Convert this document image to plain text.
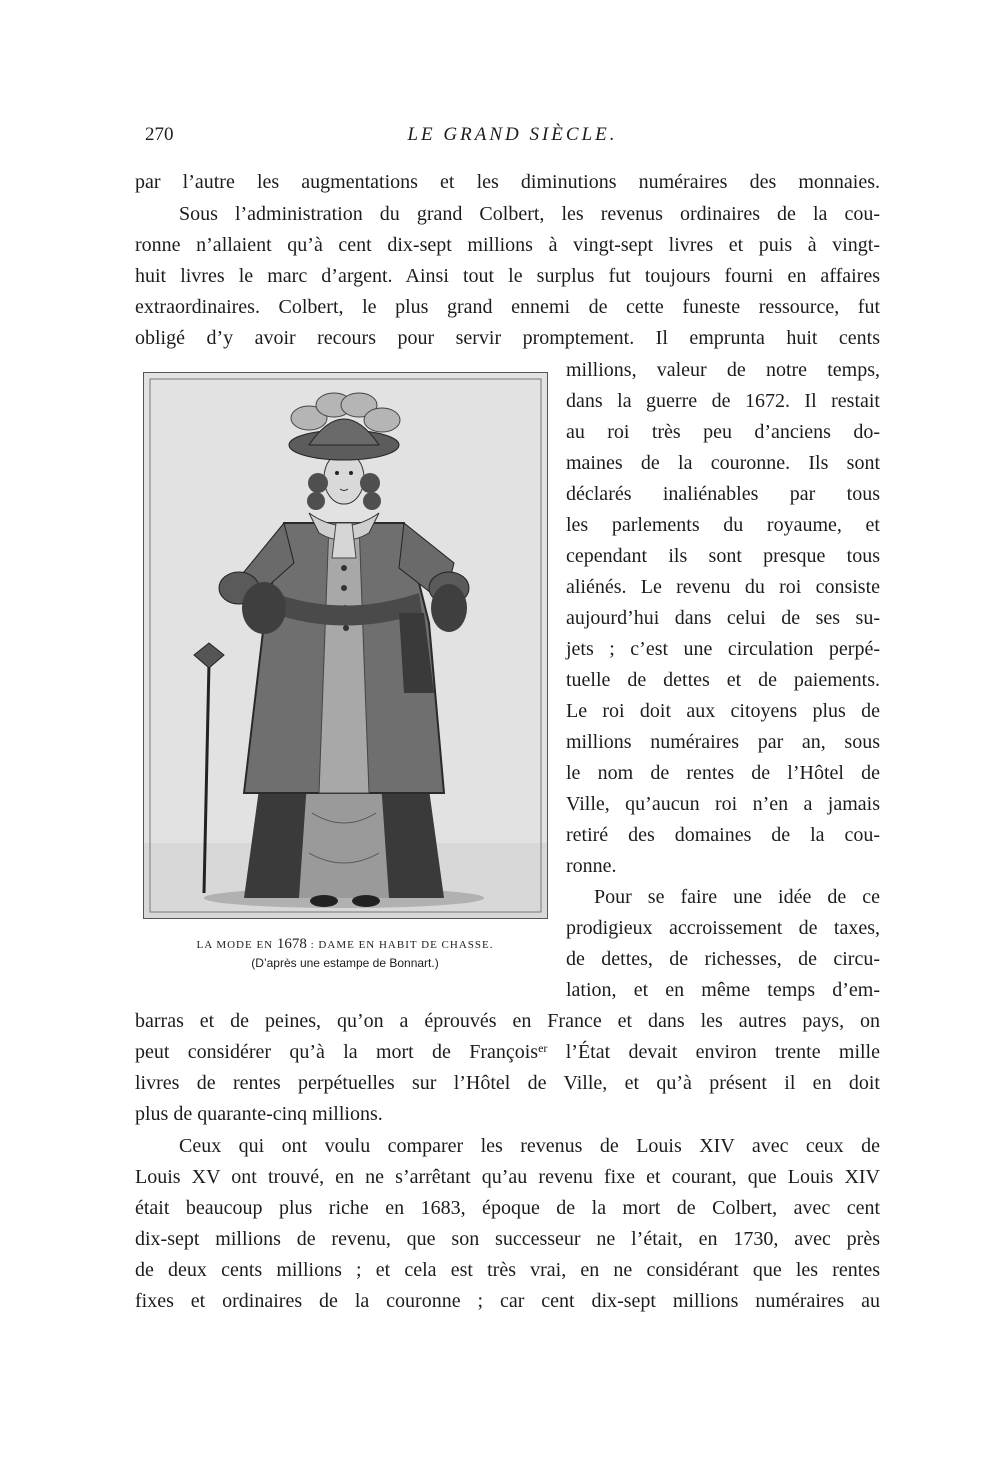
270	LE GRAND SIÈCLE.
par l’autre les augmentations et les diminutions numéraires des monnaies.
Sous l’administration du grand Colbert, les revenus ordinaires de la cou-
ronne n’allaient qu’à cent dix-sept millions à vingt-sept livres et puis à vingt-
huit livres le marc d’argent. Ainsi tout le surplus fut toujours fourni en affaires
extraordinaires. Colbert, le plus grand ennemi de cette funeste ressource, fut
obligé d’y avoir recours pour servir promptement. Il emprunta huit cents
millions, valeur de notre temps,
dans la guerre de 1672. Il restait
au roi très peu d’anciens do-
maines de la couronne. Ils sont
déclarés inaliénables par tous
les parlements du royaume, et
cependant ils sont presque tous
aliénés. Le revenu du roi consiste
aujourd’hui dans celui de ses su-
jets ; c’est une circulation perpé-
tuelle de dettes et de paiements.
Le roi doit aux citoyens plus de
millions numéraires par an, sous
le nom de rentes de l’Hôtel de
Ville, qu’aucun roi n’en a jamais
retiré des domaines de la cou-
ronne.
Pour se faire une idée de ce
prodigieux accroissement de taxes,
de dettes, de richesses, de circu-
lation, et en même temps d’em-
barras et de peines, qu’on a éprouvés en France et dans les autres pays, on
peut considérer qu’à la mort de François$^{er}$ l’État devait environ trente mille
livres de rentes perpétuelles sur l’Hôtel de Ville, et qu’à présent il en doit
plus de quarante-cinq millions.
Ceux qui ont voulu comparer les revenus de Louis XIV avec ceux de
Louis XV ont trouvé, en ne s’arrêtant qu’au revenu fixe et courant, que Louis XIV
était beaucoup plus riche en 1683, époque de la mort de Colbert, avec cent
dix-sept millions de revenu, que son successeur ne l’était, en 1730, avec près
de deux cents millions ; et cela est très vrai, en ne considérant que les rentes
fixes et ordinaires de la couronne ; car cent dix-sept millions numéraires au
LA MODE EN 1678 : DAME EN HABIT DE CHASSE.
(D’après une estampe de Bonnart.)
